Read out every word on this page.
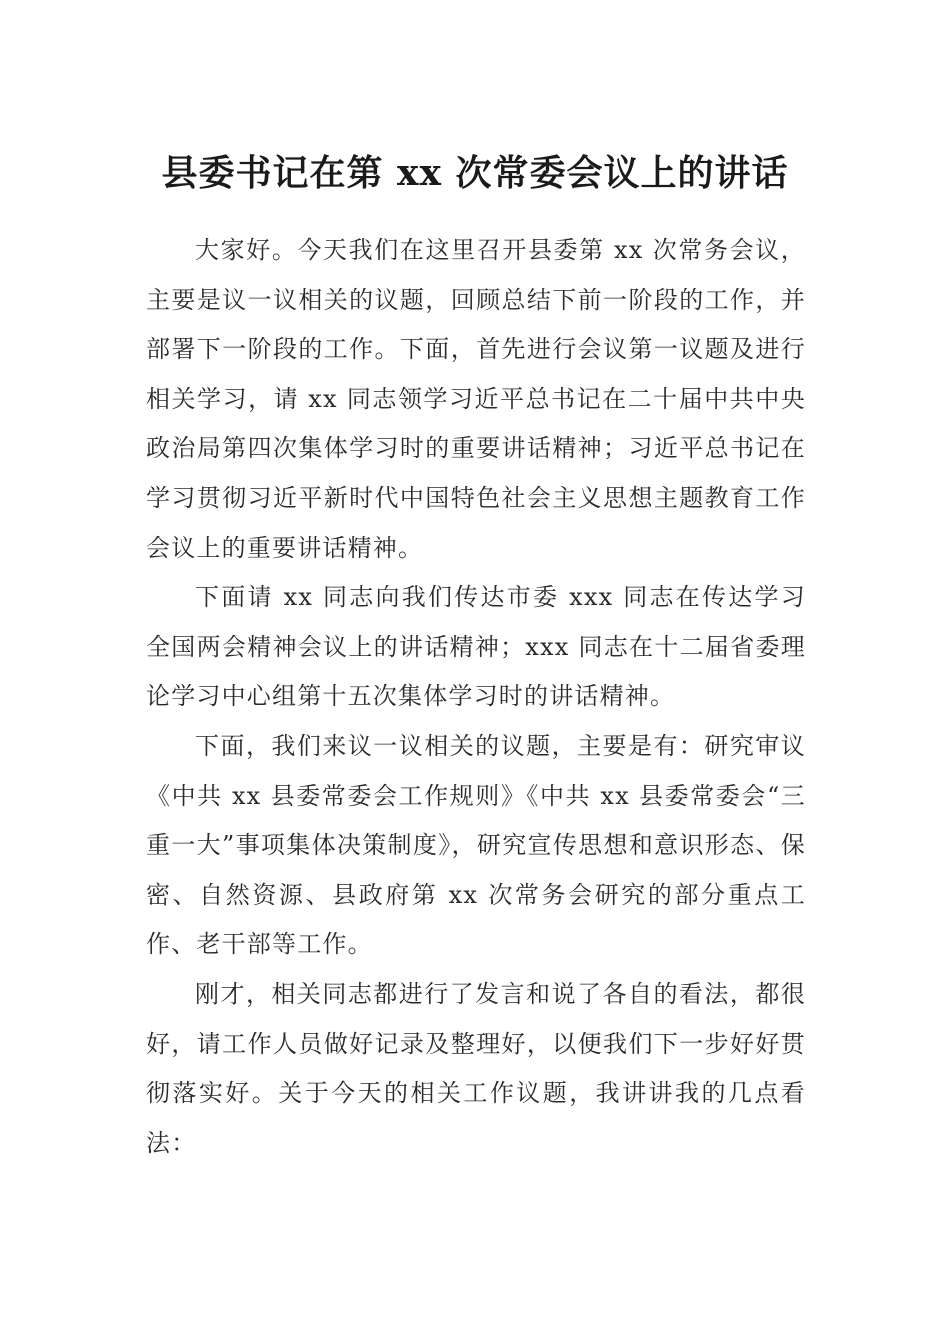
县委书记在第 xx 次常委会议上的讲话

大家好。今天我们在这里召开县委第 xx 次常务会议，主要是议一议相关的议题，回顾总结下前一阶段的工作，并部署下一阶段的工作。下面，首先进行会议第一议题及进行相关学习，请 xx 同志领学习近平总书记在二十届中共中央政治局第四次集体学习时的重要讲话精神；习近平总书记在学习贯彻习近平新时代中国特色社会主义思想主题教育工作会议上的重要讲话精神。

下面请 xx 同志向我们传达市委 xxx 同志在传达学习全国两会精神会议上的讲话精神；xxx 同志在十二届省委理论学习中心组第十五次集体学习时的讲话精神。

下面，我们来议一议相关的议题，主要是有：研究审议《中共 xx 县委常委会工作规则》《中共 xx 县委常委会“三重一大”事项集体决策制度》，研究宣传思想和意识形态、保密、自然资源、县政府第 xx 次常务会研究的部分重点工作、老干部等工作。

刚才，相关同志都进行了发言和说了各自的看法，都很好，请工作人员做好记录及整理好，以便我们下一步好好贯彻落实好。关于今天的相关工作议题，我讲讲我的几点看法：
